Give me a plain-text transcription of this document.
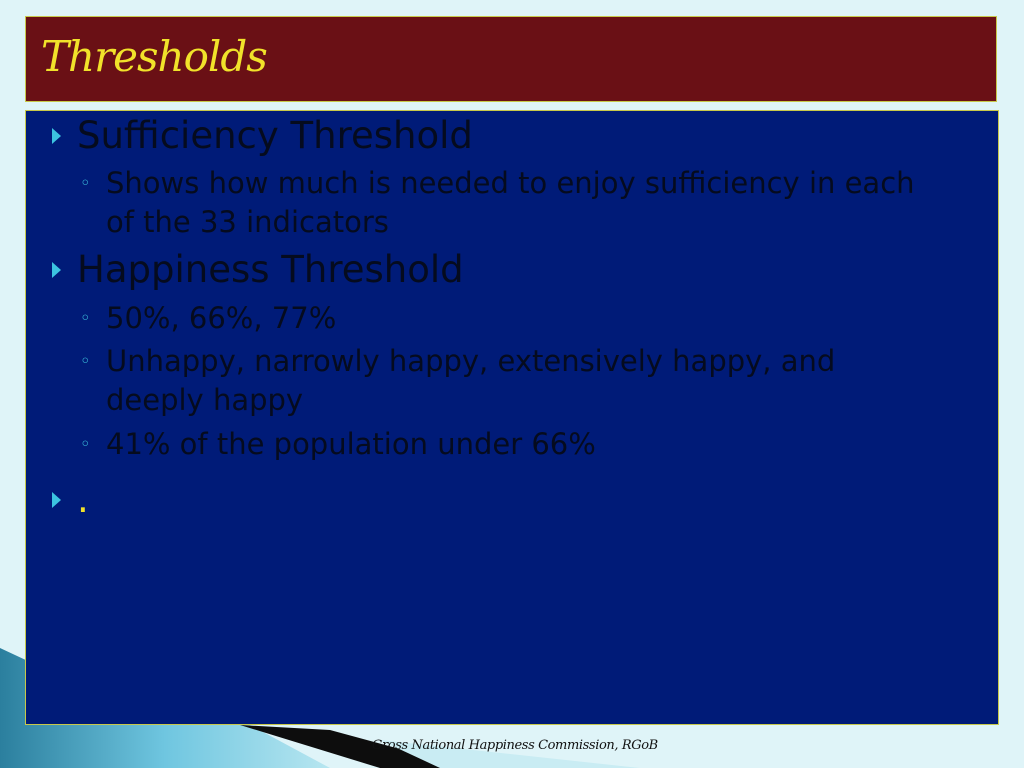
Thresholds
Sufficiency Threshold
◦ Shows how much is needed to enjoy sufficiency in each
of the 33 indicators
Happiness Threshold
◦ 50%, 66%, 77%
◦ Unhappy, narrowly happy, extensively happy, and
deeply happy
◦ 41% of the population under 66%
.
Gross National Happiness Commission, RGoB
